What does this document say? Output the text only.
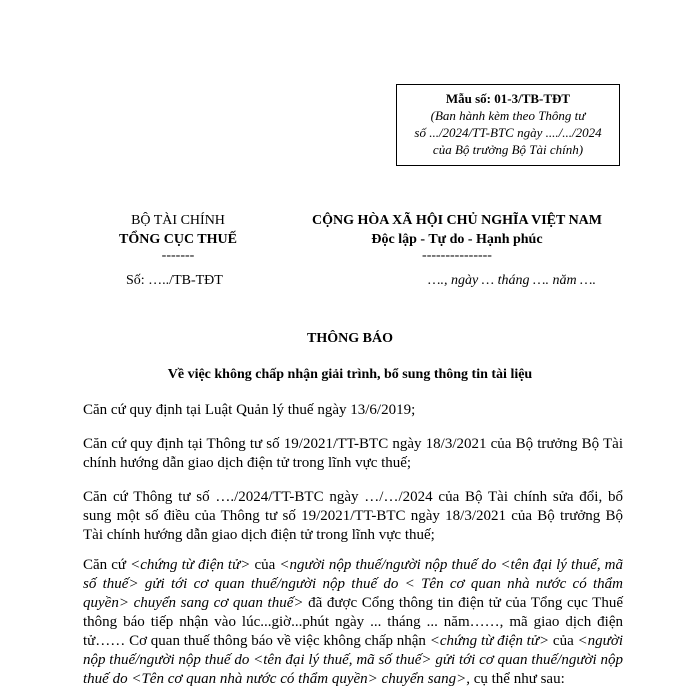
Mẫu số: 01-3/TB-TĐT
(Ban hành kèm theo Thông tư
số .../2024/TT-BTC ngày ..../.../2024
của Bộ trưởng Bộ Tài chính)
BỘ TÀI CHÍNH
TỔNG CỤC THUẾ
-------
Số: …../TB-TĐT
CỘNG HÒA XÃ HỘI CHỦ NGHĨA VIỆT NAM
Độc lập - Tự do - Hạnh phúc
---------------
…., ngày … tháng …. năm ….
THÔNG BÁO
Về việc không chấp nhận giải trình, bổ sung thông tin tài liệu
Căn cứ quy định tại Luật Quản lý thuế ngày 13/6/2019;
Căn cứ quy định tại Thông tư số 19/2021/TT-BTC ngày 18/3/2021 của Bộ trưởng Bộ Tài chính hướng dẫn giao dịch điện tử trong lĩnh vực thuế;
Căn cứ Thông tư số …./2024/TT-BTC ngày …/…/2024 của Bộ Tài chính sửa đổi, bổ sung một số điều của Thông tư số 19/2021/TT-BTC ngày 18/3/2021 của Bộ trưởng Bộ Tài chính hướng dẫn giao dịch điện tử trong lĩnh vực thuế;
Căn cứ <chứng từ điện tử> của <người nộp thuế/người nộp thuế do <tên đại lý thuế, mã số thuế> gửi tới cơ quan thuế/người nộp thuế do < Tên cơ quan nhà nước có thẩm quyền> chuyển sang cơ quan thuế> đã được Cổng thông tin điện tử của Tổng cục Thuế thông báo tiếp nhận vào lúc...giờ...phút ngày ... tháng ... năm……, mã giao dịch điện tử…… Cơ quan thuế thông báo về việc không chấp nhận <chứng từ điện tử> của <người nộp thuế/người nộp thuế do <tên đại lý thuế, mã số thuế> gửi tới cơ quan thuế/người nộp thuế do <Tên cơ quan nhà nước có thẩm quyền> chuyển sang>, cụ thể như sau:
